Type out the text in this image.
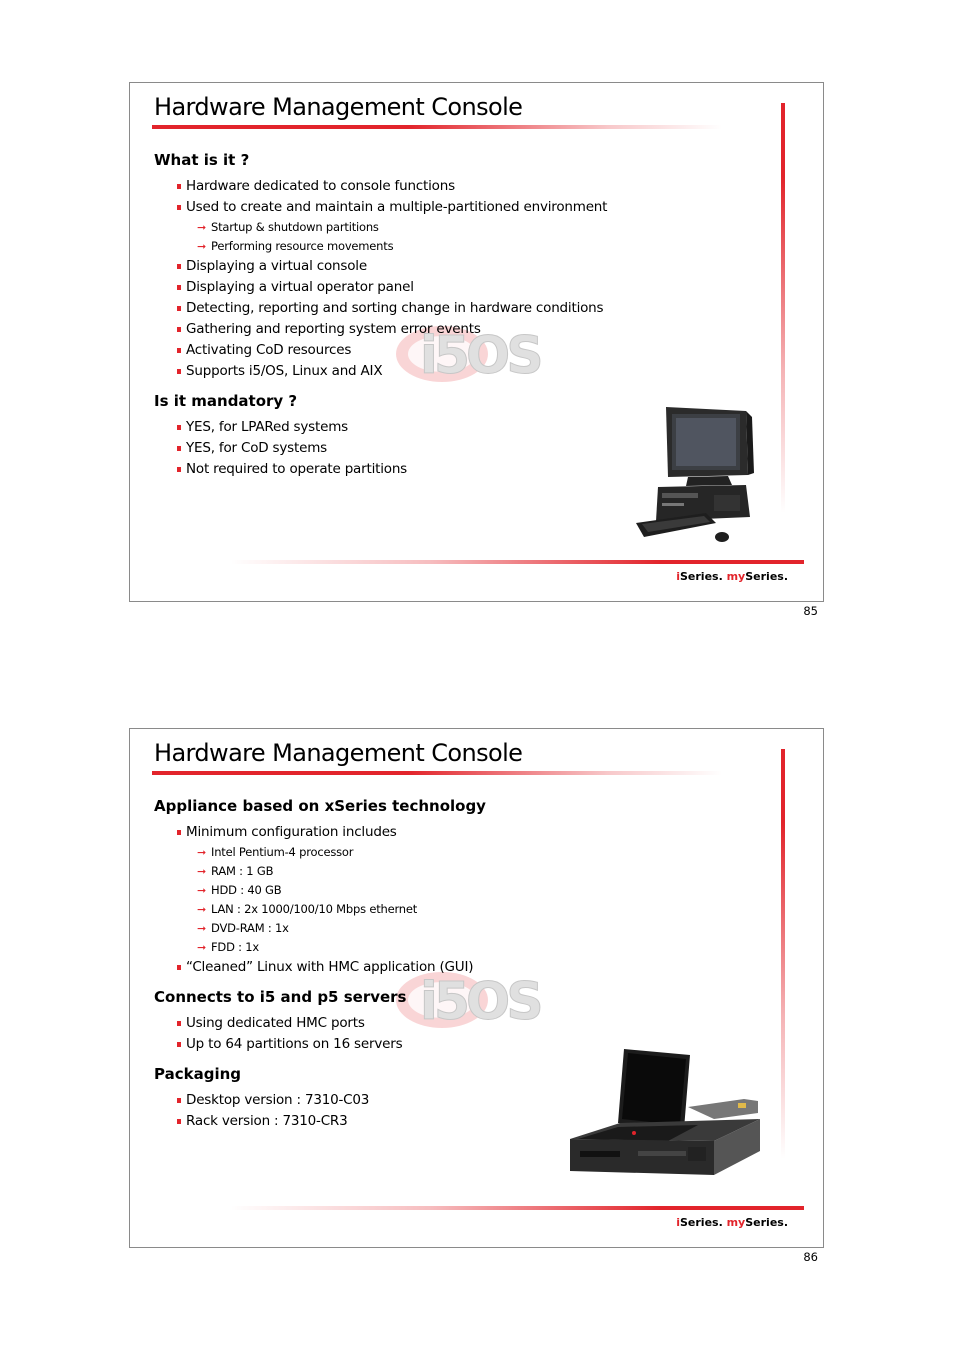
Hardware Management Console
i5OS
What is it ?
Hardware dedicated to console functions
Used to create and maintain a multiple-partitioned environment
➞ Startup & shutdown partitions
➞ Performing resource movements
Displaying a virtual console
Displaying a virtual operator panel
Detecting, reporting and sorting change in hardware conditions
Gathering and reporting system error events
Activating CoD resources
Supports i5/OS, Linux and AIX
Is it mandatory ?
YES, for LPARed systems
YES, for CoD systems
Not required to operate partitions
iSeries. mySeries.
85
Hardware Management Console
i5OS
Appliance based on xSeries technology
Minimum configuration includes
➞ Intel Pentium-4 processor
➞ RAM : 1 GB
➞ HDD : 40 GB
➞ LAN : 2x 1000/100/10 Mbps ethernet
➞ DVD-RAM : 1x
➞ FDD : 1x
“Cleaned” Linux with HMC application (GUI)
Connects to i5 and p5 servers
Using dedicated HMC ports
Up to 64 partitions on 16 servers
Packaging
Desktop version : 7310-C03
Rack version : 7310-CR3
iSeries. mySeries.
86
